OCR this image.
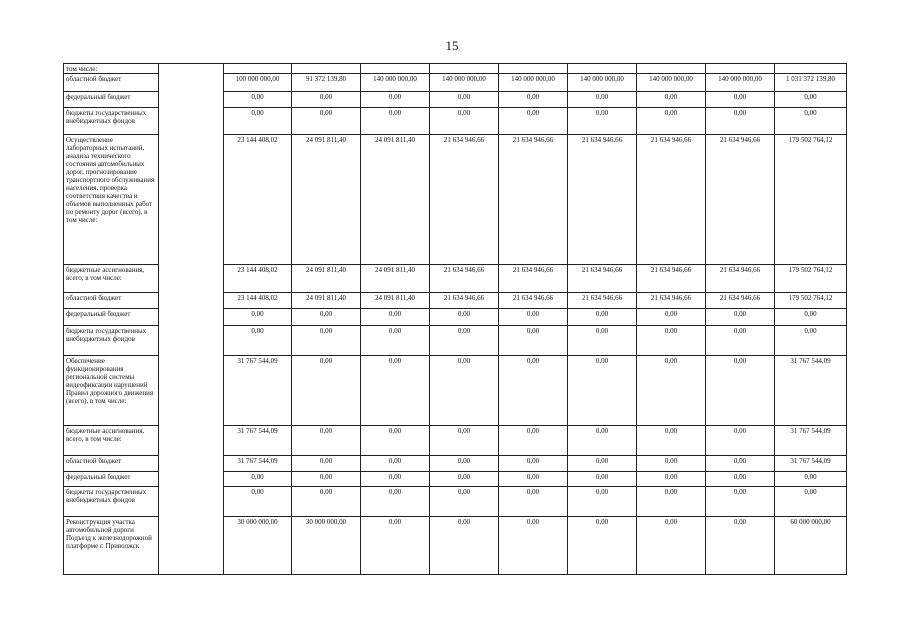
15
том числе:										
областной бюджет		100 000 000,00	91 372 139,80	140 000 000,00	140 000 000,00	140 000 000,00	140 000 000,00	140 000 000,00	140 000 000,00	1 031 372 139,80
федеральный бюджет		0,00	0,00	0,00	0,00	0,00	0,00	0,00	0,00	0,00
бюджеты государственных внебюджетных фондов		0,00	0,00	0,00	0,00	0,00	0,00	0,00	0,00	0,00
Осуществление лабораторных испытаний, анализа технического состояния автомобильных дорог, прогнозирование транспортного обслуживания населения, проверка соответствия качества и объемов выполненных работ по ремонту дорог (всего), в том числе:		23 144 408,02	24 091 811,40	24 091 811,40	21 634 946,66	21 634 946,66	21 634 946,66	21 634 946,66	21 634 946,66	179 502 764,12
бюджетные ассигнования, всего, в том числе:		23 144 408,02	24 091 811,40	24 091 811,40	21 634 946,66	21 634 946,66	21 634 946,66	21 634 946,66	21 634 946,66	179 502 764,12
областной бюджет		23 144 408,02	24 091 811,40	24 091 811,40	21 634 946,66	21 634 946,66	21 634 946,66	21 634 946,66	21 634 946,66	179 502 764,12
федеральный бюджет		0,00	0,00	0,00	0,00	0,00	0,00	0,00	0,00	0,00
бюджеты государственных внебюджетных фондов		0,00	0,00	0,00	0,00	0,00	0,00	0,00	0,00	0,00
Обеспечение функционирования региональной системы видеофиксации нарушений Правил дорожного движения (всего), в том числе:		31 767 544,09	0,00	0,00	0,00	0,00	0,00	0,00	0,00	31 767 544,09
бюджетные ассигнования, всего, в том числе:		31 767 544,09	0,00	0,00	0,00	0,00	0,00	0,00	0,00	31 767 544,09
областной бюджет		31 767 544,09	0,00	0,00	0,00	0,00	0,00	0,00	0,00	31 767 544,09
федеральный бюджет		0,00	0,00	0,00	0,00	0,00	0,00	0,00	0,00	0,00
бюджеты государственных внебюджетных фондов		0,00	0,00	0,00	0,00	0,00	0,00	0,00	0,00	0,00
Реконструкция участка автомобильной дороги Подъезд к железнодорожной платформе г. Приволжск		30 000 000,00	30 000 000,00	0,00	0,00	0,00	0,00	0,00	0,00	60 000 000,00
